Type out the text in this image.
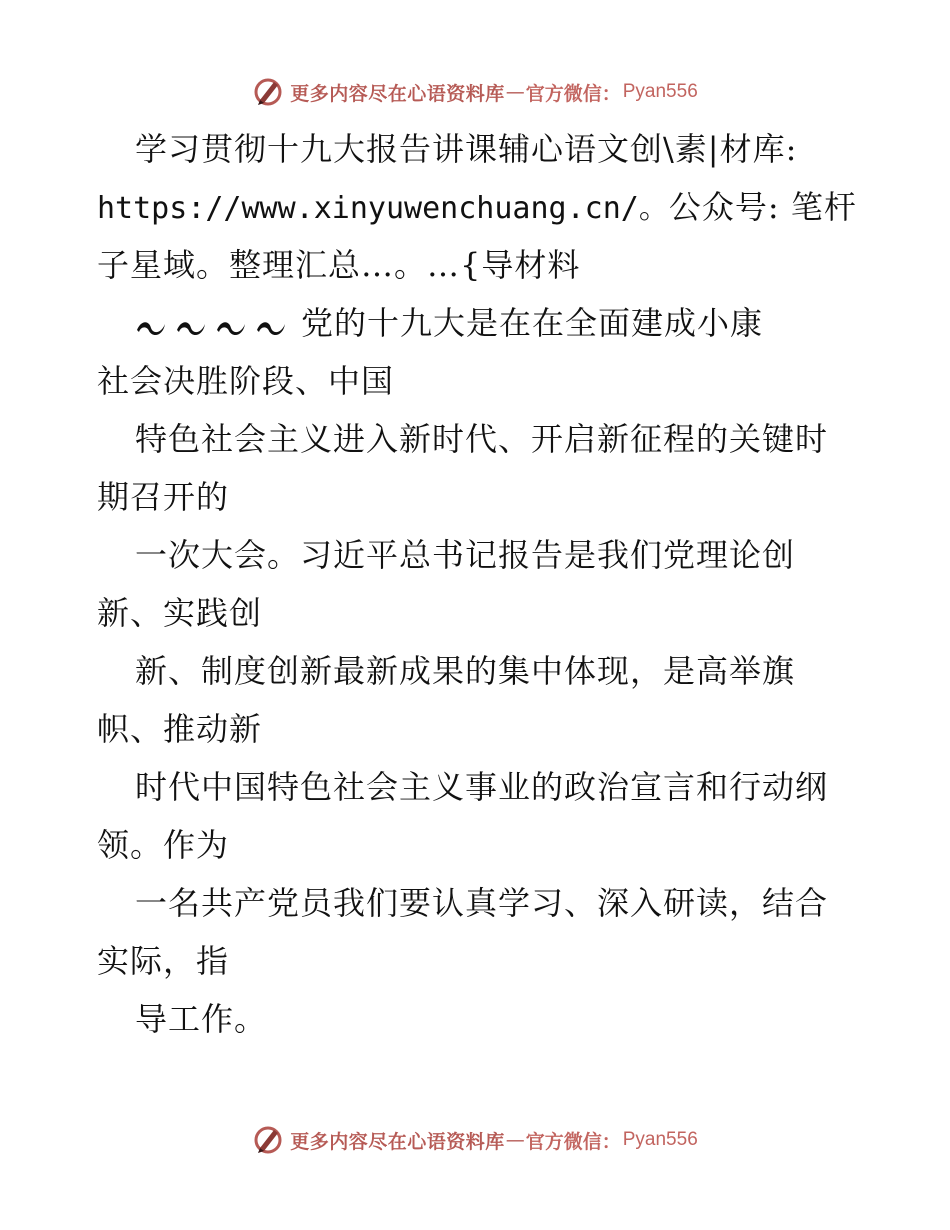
更多内容尽在心语资料库 — 官方微信： Pyan556
学习贯彻十九大报告讲课辅心语文创\素|材库:
https://www.xinyuwenchuang.cn/。公众号: 笔杆
子星域。整理汇总…。…{导材料
党的十九大是在在全面建成小康
社会决胜阶段、中国
特色社会主义进入新时代、开启新征程的关键时
期召开的
一次大会。习近平总书记报告是我们党理论创
新、实践创
新、制度创新最新成果的集中体现，是高举旗
帜、推动新
时代中国特色社会主义事业的政治宣言和行动纲
领。作为
一名共产党员我们要认真学习、深入研读，结合
实际，指
导工作。
更多内容尽在心语资料库 — 官方微信： Pyan556
